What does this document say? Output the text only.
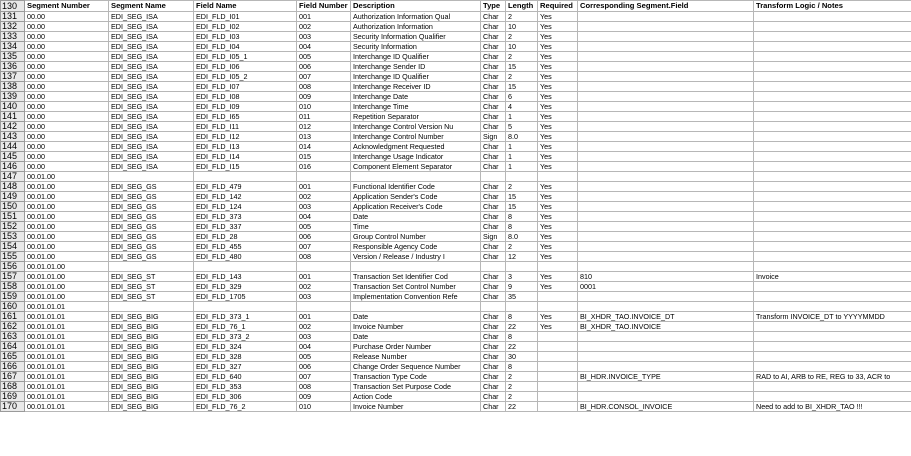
130	Segment Number	Segment Name	Field Name	Field Number	Description	Type	Length	Required	Corresponding Segment.Field	Transform Logic / Notes
131	00.00	EDI_SEG_ISA	EDI_FLD_I01	001	Authorization Information Qual	Char	2	Yes		
132	00.00	EDI_SEG_ISA	EDI_FLD_I02	002	Authorization Information	Char	10	Yes		
133	00.00	EDI_SEG_ISA	EDI_FLD_I03	003	Security Information Qualifier	Char	2	Yes		
134	00.00	EDI_SEG_ISA	EDI_FLD_I04	004	Security Information	Char	10	Yes		
135	00.00	EDI_SEG_ISA	EDI_FLD_I05_1	005	Interchange ID Qualifier	Char	2	Yes		
136	00.00	EDI_SEG_ISA	EDI_FLD_I06	006	Interchange Sender ID	Char	15	Yes		
137	00.00	EDI_SEG_ISA	EDI_FLD_I05_2	007	Interchange ID Qualifier	Char	2	Yes		
138	00.00	EDI_SEG_ISA	EDI_FLD_I07	008	Interchange Receiver ID	Char	15	Yes		
139	00.00	EDI_SEG_ISA	EDI_FLD_I08	009	Interchange Date	Char	6	Yes		
140	00.00	EDI_SEG_ISA	EDI_FLD_I09	010	Interchange Time	Char	4	Yes		
141	00.00	EDI_SEG_ISA	EDI_FLD_I65	011	Repetition Separator	Char	1	Yes		
142	00.00	EDI_SEG_ISA	EDI_FLD_I11	012	Interchange Control Version Nu	Char	5	Yes		
143	00.00	EDI_SEG_ISA	EDI_FLD_I12	013	Interchange Control Number	Sign	8.0	Yes		
144	00.00	EDI_SEG_ISA	EDI_FLD_I13	014	Acknowledgment Requested	Char	1	Yes		
145	00.00	EDI_SEG_ISA	EDI_FLD_I14	015	Interchange Usage Indicator	Char	1	Yes		
146	00.00	EDI_SEG_ISA	EDI_FLD_I15	016	Component Element Separator	Char	1	Yes		
147	00.01.00									
148	00.01.00	EDI_SEG_GS	EDI_FLD_479	001	Functional Identifier Code	Char	2	Yes		
149	00.01.00	EDI_SEG_GS	EDI_FLD_142	002	Application Sender's Code	Char	15	Yes		
150	00.01.00	EDI_SEG_GS	EDI_FLD_124	003	Application Receiver's Code	Char	15	Yes		
151	00.01.00	EDI_SEG_GS	EDI_FLD_373	004	Date	Char	8	Yes		
152	00.01.00	EDI_SEG_GS	EDI_FLD_337	005	Time	Char	8	Yes		
153	00.01.00	EDI_SEG_GS	EDI_FLD_28	006	Group Control Number	Sign	8.0	Yes		
154	00.01.00	EDI_SEG_GS	EDI_FLD_455	007	Responsible Agency Code	Char	2	Yes		
155	00.01.00	EDI_SEG_GS	EDI_FLD_480	008	Version / Release / Industry I	Char	12	Yes		
156	00.01.01.00									
157	00.01.01.00	EDI_SEG_ST	EDI_FLD_143	001	Transaction Set Identifier Cod	Char	3	Yes	810	Invoice
158	00.01.01.00	EDI_SEG_ST	EDI_FLD_329	002	Transaction Set Control Number	Char	9	Yes	0001	
159	00.01.01.00	EDI_SEG_ST	EDI_FLD_1705	003	Implementation Convention Refe	Char	35			
160	00.01.01.01									
161	00.01.01.01	EDI_SEG_BIG	EDI_FLD_373_1	001	Date	Char	8	Yes	BI_XHDR_TAO.INVOICE_DT	Transform INVOICE_DT to YYYYMMDD
162	00.01.01.01	EDI_SEG_BIG	EDI_FLD_76_1	002	Invoice Number	Char	22	Yes	BI_XHDR_TAO.INVOICE	
163	00.01.01.01	EDI_SEG_BIG	EDI_FLD_373_2	003	Date	Char	8			
164	00.01.01.01	EDI_SEG_BIG	EDI_FLD_324	004	Purchase Order Number	Char	22			
165	00.01.01.01	EDI_SEG_BIG	EDI_FLD_328	005	Release Number	Char	30			
166	00.01.01.01	EDI_SEG_BIG	EDI_FLD_327	006	Change Order Sequence Number	Char	8			
167	00.01.01.01	EDI_SEG_BIG	EDI_FLD_640	007	Transaction Type Code	Char	2		BI_HDR.INVOICE_TYPE	RAD to AI, ARB to RE, REG to 33, ACR to
168	00.01.01.01	EDI_SEG_BIG	EDI_FLD_353	008	Transaction Set Purpose Code	Char	2			
169	00.01.01.01	EDI_SEG_BIG	EDI_FLD_306	009	Action Code	Char	2			
170	00.01.01.01	EDI_SEG_BIG	EDI_FLD_76_2	010	Invoice Number	Char	22		BI_HDR.CONSOL_INVOICE	Need to add to BI_XHDR_TAO !!!
